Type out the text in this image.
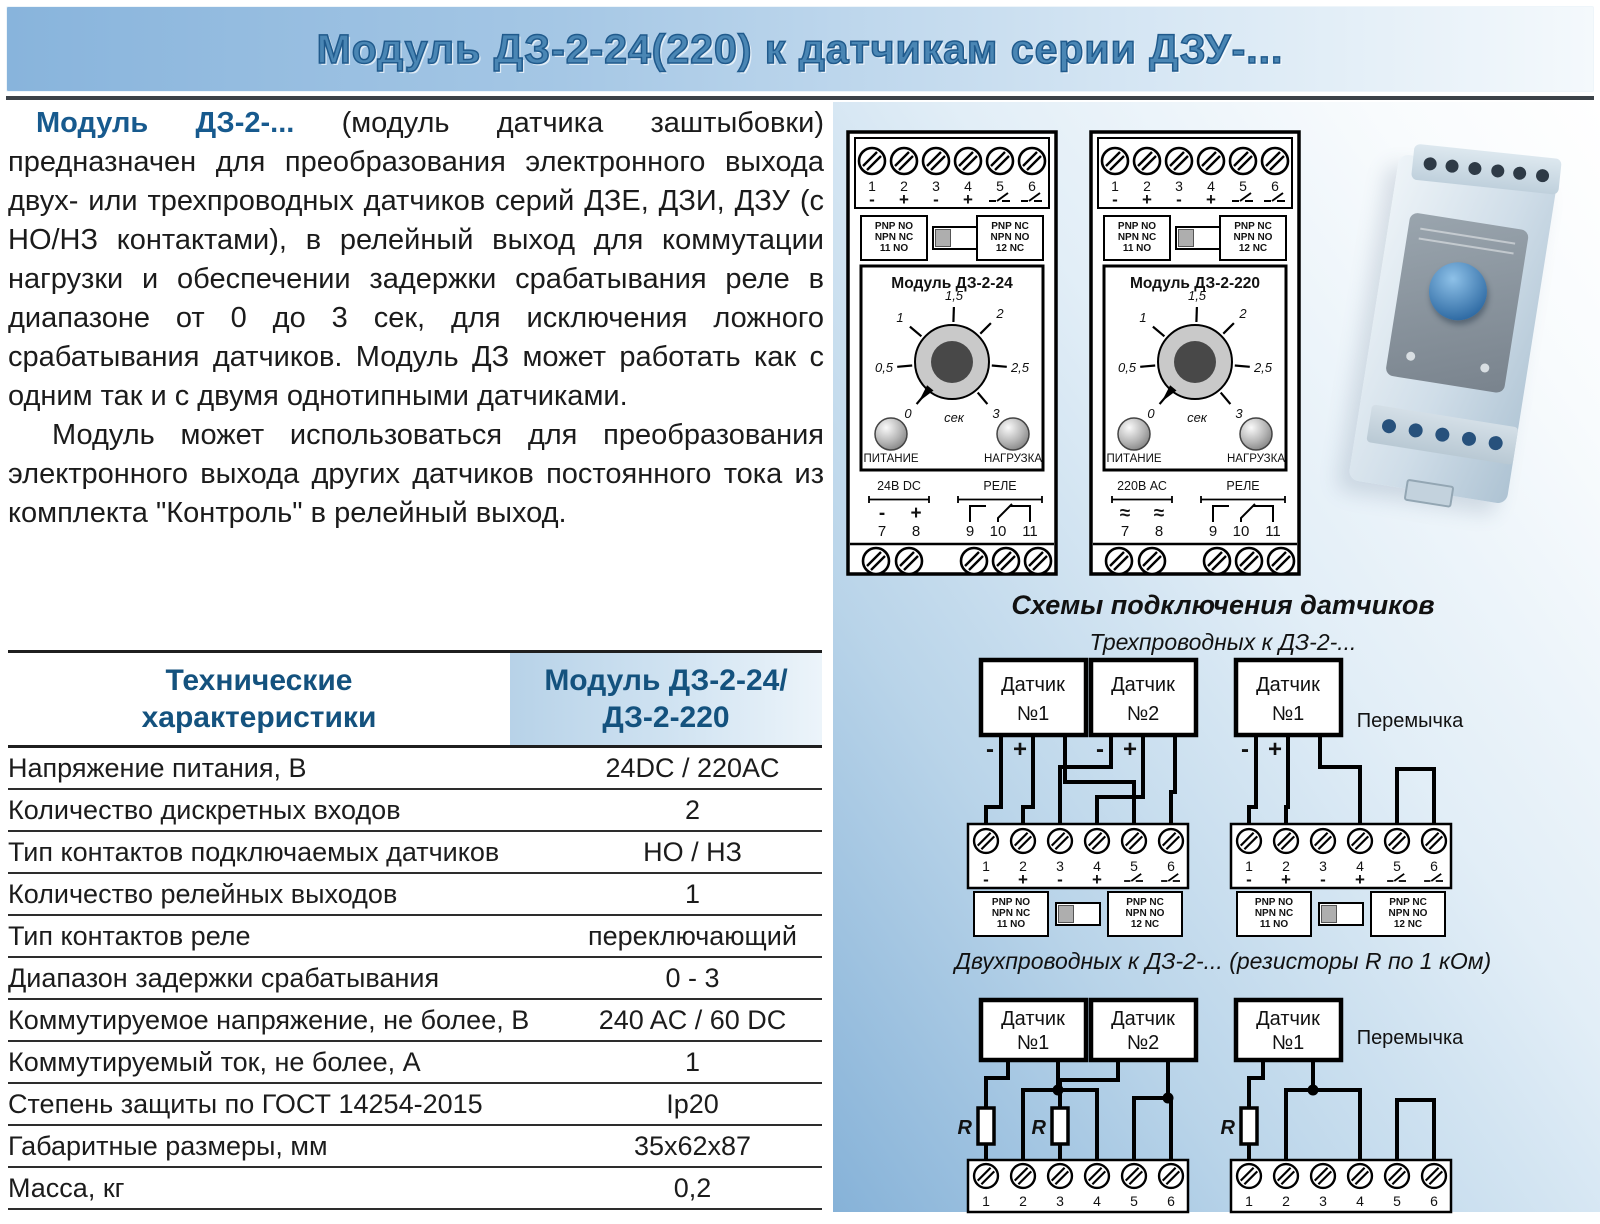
Модуль ДЗ-2-24(220) к датчикам серии ДЗУ-...

Модуль ДЗ-2-... (модуль датчика заштыбовки) предназначен для преобразования электронного выхода двух- или трехпроводных датчиков серий ДЗЕ, ДЗИ, ДЗУ (с НО/НЗ контактами), в релейный выход для коммутации нагрузки и обеспечении задержки срабатывания реле в диапазоне от 0 до 3 сек, для исключения ложного срабатывания датчиков. Модуль ДЗ может работать как с одним так и с двумя однотипными датчиками.

Модуль может использоваться для преобразования электронного выхода других датчиков постоянного тока из комплекта "Контроль" в релейный выход.

Технические характеристики
Модуль ДЗ-2-24/ДЗ-2-220
Напряжение питания, В	24DC / 220AC
Количество дискретных входов	2
Тип контактов подключаемых датчиков	НО / НЗ
Количество релейных выходов	1
Тип контактов реле	переключающий
Диапазон задержки срабатывания	0 - 3
Коммутируемое напряжение, не более, В	240 AC / 60 DC
Коммутируемый ток, не более, А	1
Степень защиты по ГОСТ 14254-2015	Ip20
Габаритные размеры, мм	35x62x87
Масса, кг	0,2
1 2 3 4 5 6
- + - +
PNP NO
NPN NC
11 NO
PNP NC
NPN NO
12 NC
Модуль ДЗ-2-24
0
0,5
1
1,5
2
2,5
3
сек
ПИТАНИЕ	НАГРУЗКА
24В DC
- +
7 8
РЕЛЕ
9 10 11
1 2 3 4 5 6
- + - +
PNP NO
NPN NC
11 NO
PNP NC
NPN NO
12 NC
Модуль ДЗ-2-220
0
0,5
1
1,5
2
2,5
3
сек
ПИТАНИЕ	НАГРУЗКА
220В АС
≈ ≈
7 8
РЕЛЕ
9 10 11
Схемы подключения датчиков
Трехпроводных к ДЗ-2-...
Датчик
№1
Датчик
№2
Датчик
№1	Перемычка
- +	- +	- +
1 2 3 4 5 6
- + - +
PNP NO
NPN NC
11 NO
PNP NC
NPN NO
12 NC
1 2 3 4 5 6
- + - +
PNP NO
NPN NC
11 NO
PNP NC
NPN NO
12 NC
Двухпроводных к ДЗ-2-... (резисторы R по 1 кОм)
Датчик
№1
Датчик
№2
Датчик
№1	Перемычка
R	R	R
1 2 3 4 5 6	1 2 3 4 5 6
